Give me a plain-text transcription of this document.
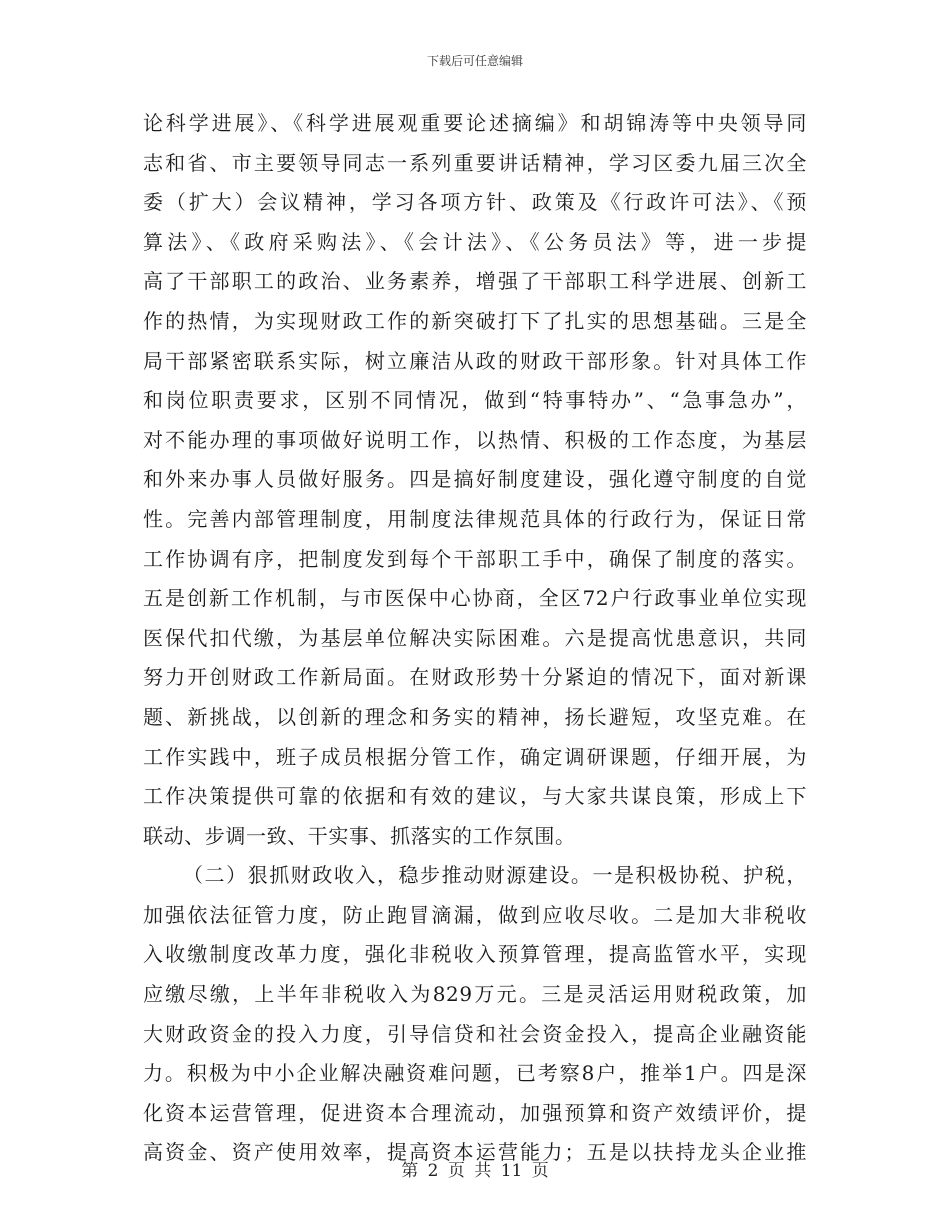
下载后可任意编辑
论科学进展》、《科学进展观重要论述摘编》和胡锦涛等中央领导同
志和省、市主要领导同志一系列重要讲话精神，学习区委九届三次全
委（扩大）会议精神，学习各项方针、政策及《行政许可法》、《预
算法》、《政府采购法》、《会计法》、《公务员法》等，进一步提
高了干部职工的政治、业务素养，增强了干部职工科学进展、创新工
作的热情，为实现财政工作的新突破打下了扎实的思想基础。三是全
局干部紧密联系实际，树立廉洁从政的财政干部形象。针对具体工作
和岗位职责要求，区别不同情况，做到“特事特办”、“急事急办”，
对不能办理的事项做好说明工作，以热情、积极的工作态度，为基层
和外来办事人员做好服务。四是搞好制度建设，强化遵守制度的自觉
性。完善内部管理制度，用制度法律规范具体的行政行为，保证日常
工作协调有序，把制度发到每个干部职工手中，确保了制度的落实。
五是创新工作机制，与市医保中心协商，全区72户行政事业单位实现
医保代扣代缴，为基层单位解决实际困难。六是提高忧患意识，共同
努力开创财政工作新局面。在财政形势十分紧迫的情况下，面对新课
题、新挑战，以创新的理念和务实的精神，扬长避短，攻坚克难。在
工作实践中，班子成员根据分管工作，确定调研课题，仔细开展，为
工作决策提供可靠的依据和有效的建议，与大家共谋良策，形成上下
联动、步调一致、干实事、抓落实的工作氛围。
（二）狠抓财政收入，稳步推动财源建设。一是积极协税、护税，
加强依法征管力度，防止跑冒滴漏，做到应收尽收。二是加大非税收
入收缴制度改革力度，强化非税收入预算管理，提高监管水平，实现
应缴尽缴，上半年非税收入为829万元。三是灵活运用财税政策，加
大财政资金的投入力度，引导信贷和社会资金投入，提高企业融资能
力。积极为中小企业解决融资难问题，已考察8户，推举1户。四是深
化资本运营管理，促进资本合理流动，加强预算和资产效绩评价，提
高资金、资产使用效率，提高资本运营能力；五是以扶持龙头企业推
第 2 页 共 11 页
